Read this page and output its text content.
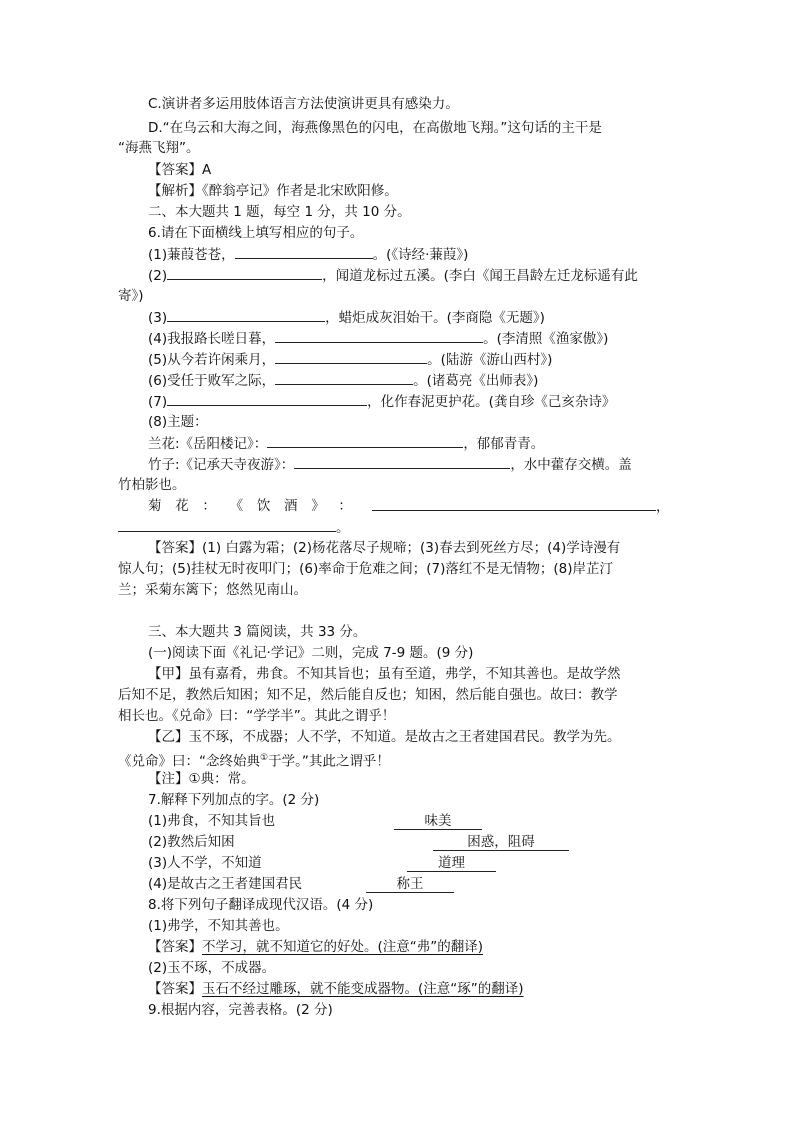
C.演讲者多运用肢体语言方法使演讲更具有感染力。
D.“在乌云和大海之间，海燕像黑色的闪电，在高傲地飞翔。”这句话的主干是
“海燕飞翔”。
【答案】A
【解析】《醉翁亭记》作者是北宋欧阳修。
二、本大题共 1 题，每空 1 分，共 10 分。
6.请在下面横线上填写相应的句子。
(1)蒹葭苍苍，	。(《诗经·蒹葭》)
(2)	，闻道龙标过五溪。(李白《闻王昌龄左迁龙标遥有此
寄》)
(3)	，蜡炬成灰泪始干。(李商隐《无题》)
(4)我报路长嗟日暮，	。(李清照《渔家傲》)
(5)从今若许闲乘月，	。(陆游《游山西村》)
(6)受任于败军之际，	。(诸葛亮《出师表》)
(7)	，化作春泥更护花。(龚自珍《己亥杂诗》
(8)主题：
兰花:《岳阳楼记》：	，郁郁青青。
竹子:《记承天寺夜游》：	，水中藿存交横。盖
竹柏影也。
菊 花 ： 《 饮 酒 》 ：	，
。
【答案】(1) 白露为霜；(2)杨花落尽子规啼；(3)春去到死丝方尽；(4)学诗漫有
惊人句；(5)挂杖无时夜叩门；(6)率命于危难之间；(7)落红不是无情物；(8)岸芷汀
兰；采菊东篱下；悠然见南山。
三、本大题共 3 篇阅读，共 33 分。
(一)阅读下面《礼记·学记》二则，完成 7-9 题。(9 分)
【甲】虽有嘉肴，弗食。不知其旨也；虽有至道，弗学，不知其善也。是故学然
后知不足，教然后知困；知不足，然后能自反也；知困，然后能自强也。故曰：教学
相长也。《兑命》曰：“学学半”。其此之谓乎！
【乙】玉不琢，不成器；人不学，不知道。是故古之王者建国君民。教学为先。
《兑命》曰：“念终始典①于学。”其此之谓乎！
【注】①典：常。
7.解释下列加点的字。(2 分)
(1)弗食，不知其旨也	味美
(2)教然后知困	困惑，阻碍
(3)人不学，不知道	道理
(4)是故古之王者建国君民	称王
8.将下列句子翻译成现代汉语。(4 分)
(1)弗学，不知其善也。
【答案】不学习，就不知道它的好处。(注意“弗”的翻译)
(2)玉不琢，不成器。
【答案】玉石不经过雕琢，就不能变成器物。(注意“琢”的翻译)
9.根据内容，完善表格。(2 分)
